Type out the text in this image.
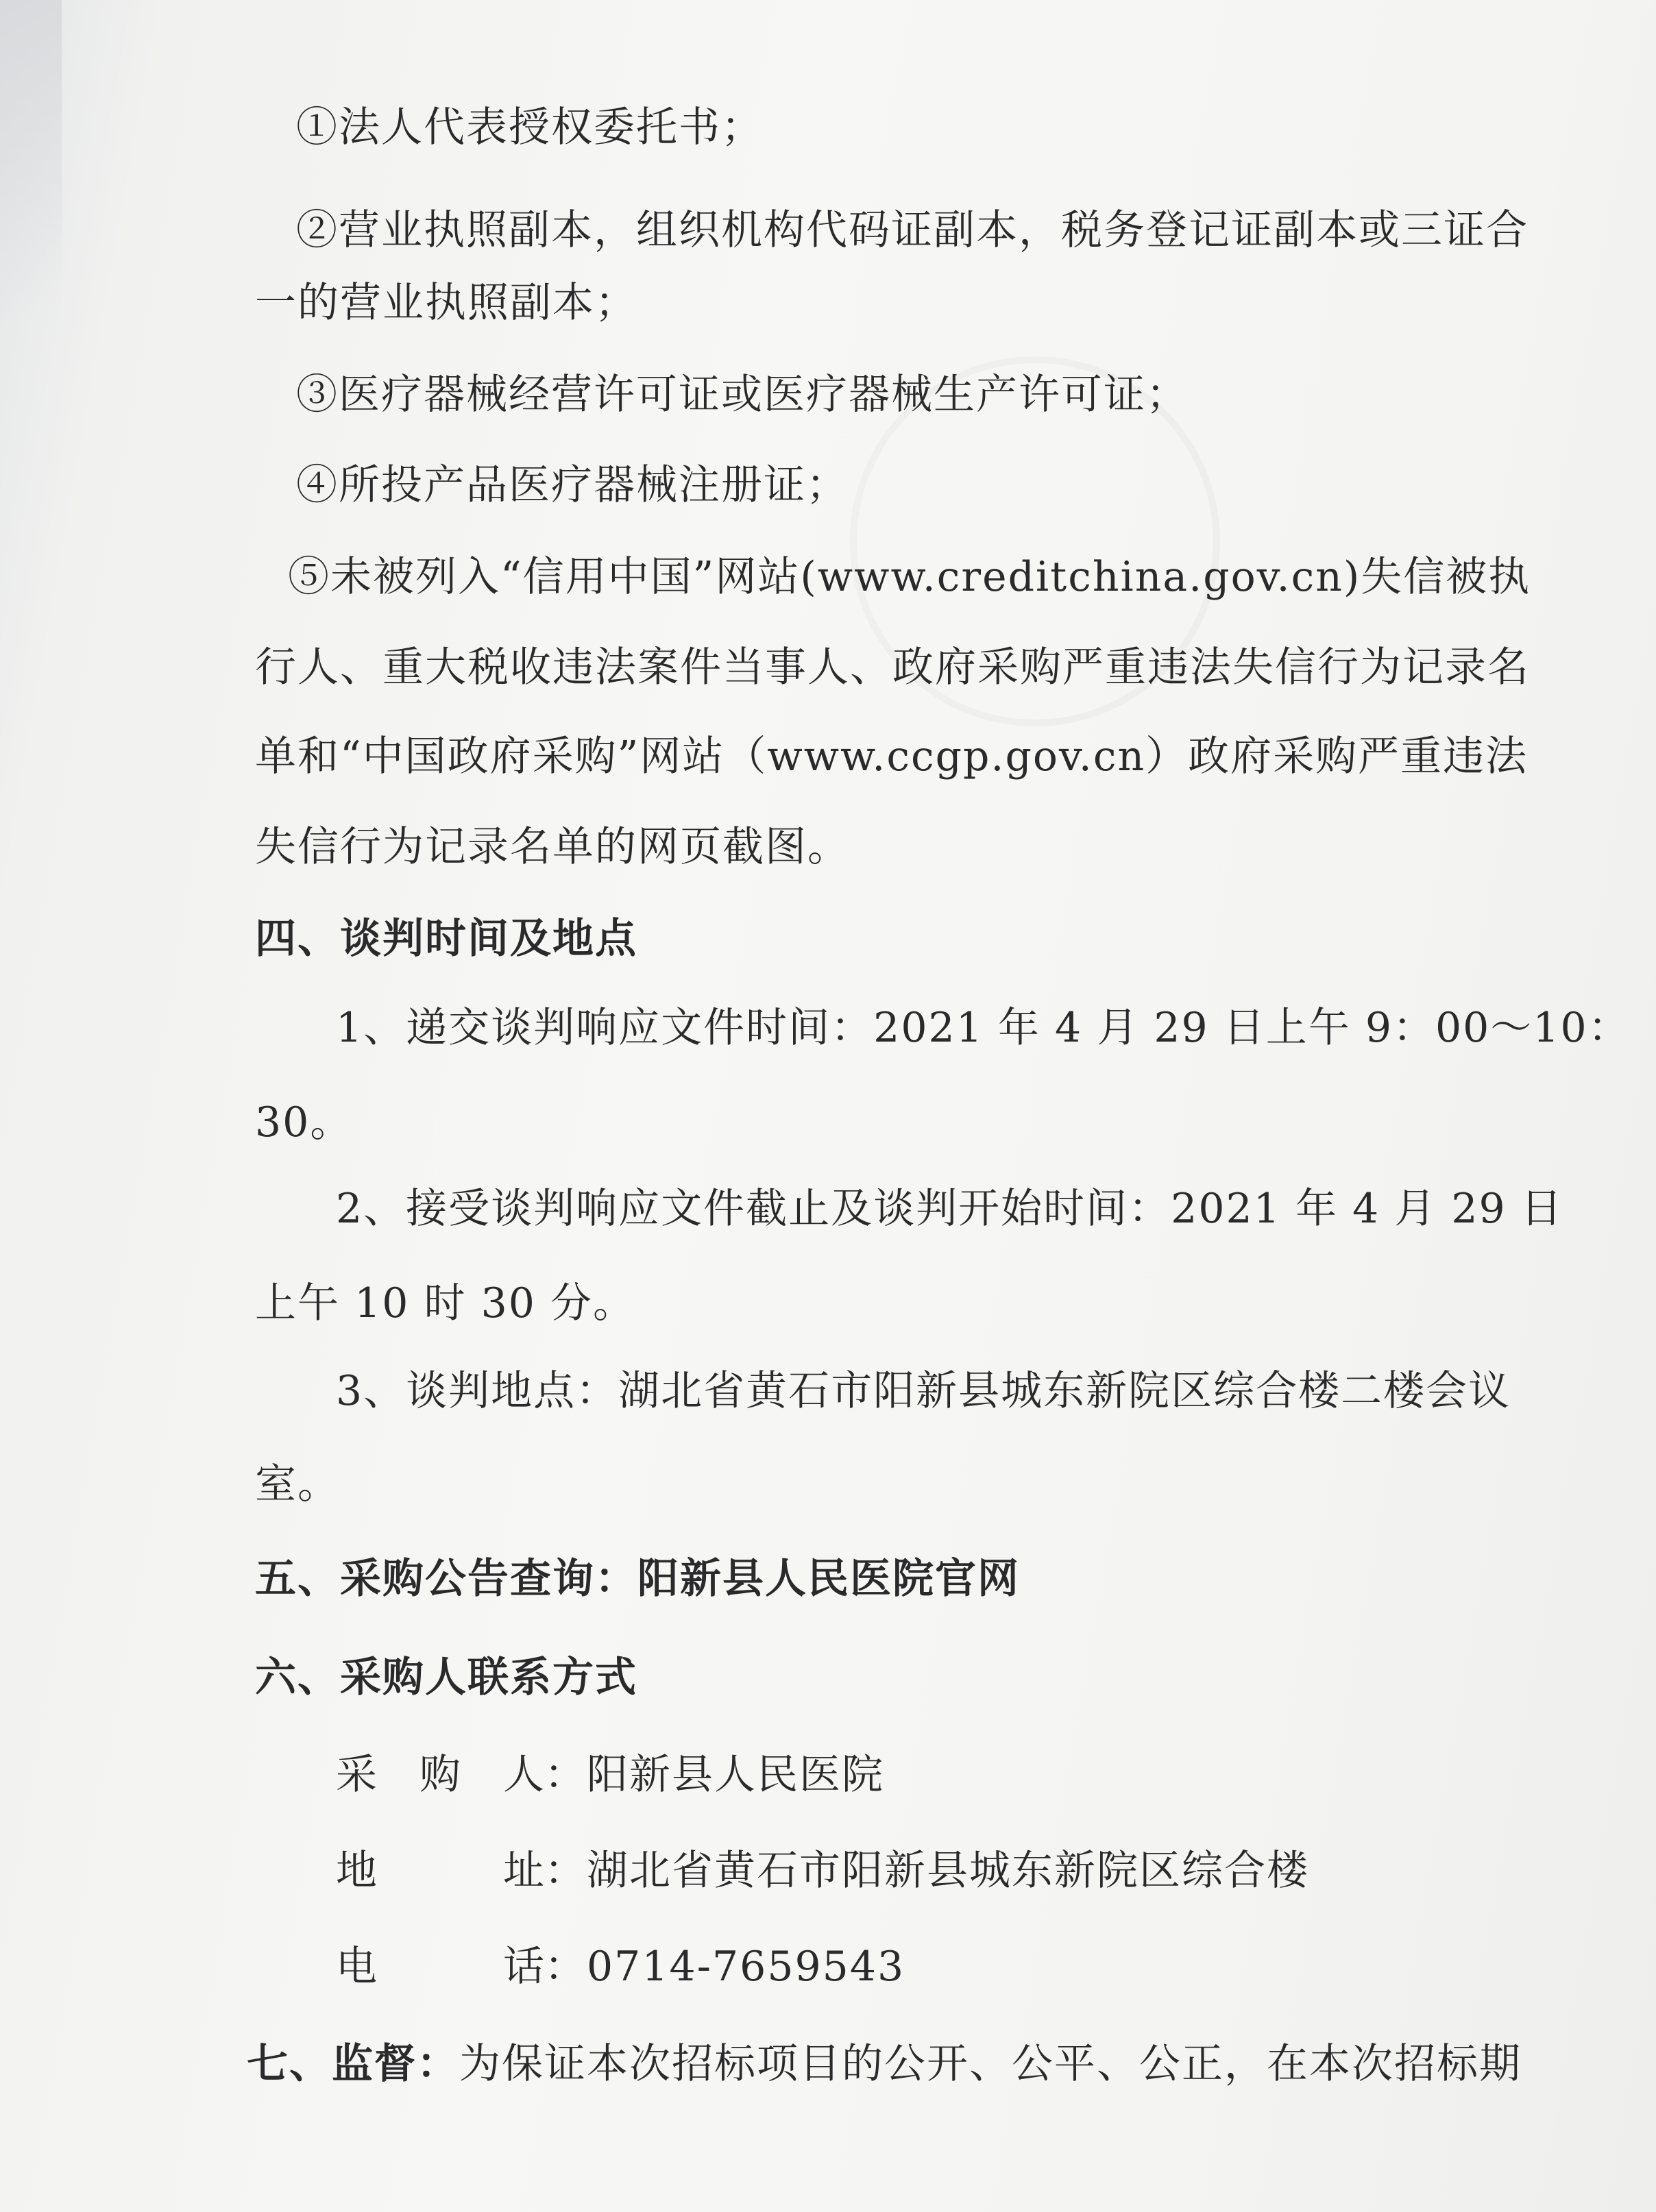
①法人代表授权委托书；
②营业执照副本，组织机构代码证副本，税务登记证副本或三证合
一的营业执照副本；
③医疗器械经营许可证或医疗器械生产许可证；
④所投产品医疗器械注册证；
⑤未被列入“信用中国”网站(www.creditchina.gov.cn)失信被执
行人、重大税收违法案件当事人、政府采购严重违法失信行为记录名
单和“中国政府采购”网站（www.ccgp.gov.cn）政府采购严重违法
失信行为记录名单的网页截图。
四、谈判时间及地点
1、递交谈判响应文件时间：2021 年 4 月 29 日上午 9：00～10：
30。
2、接受谈判响应文件截止及谈判开始时间：2021 年 4 月 29 日
上午 10 时 30 分。
3、谈判地点：湖北省黄石市阳新县城东新院区综合楼二楼会议
室。
五、采购公告查询：阳新县人民医院官网
六、采购人联系方式
采 购 人：阳新县人民医院
地	址：湖北省黄石市阳新县城东新院区综合楼
电	话：0714-7659543
七、监督：为保证本次招标项目的公开、公平、公正，在本次招标期
